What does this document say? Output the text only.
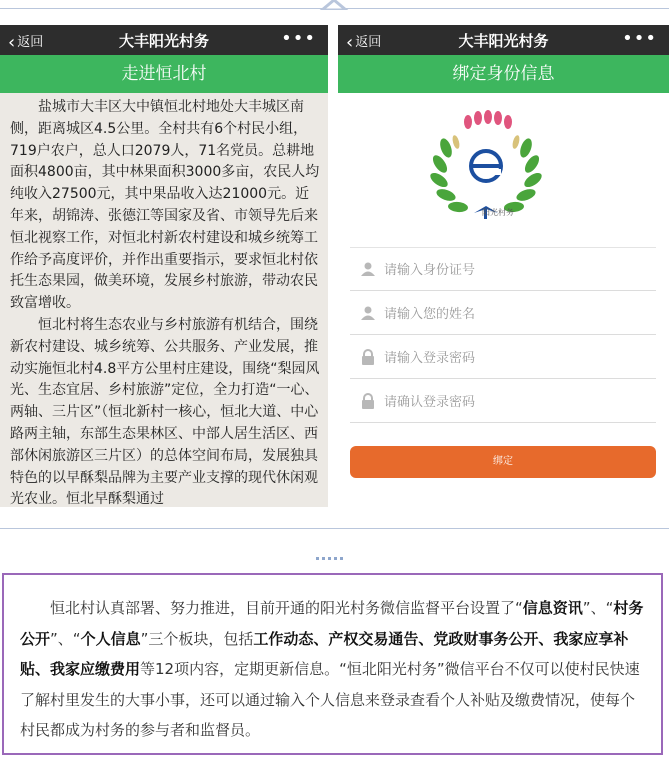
‹ 返回	大丰阳光村务	•••
走进恒北村

盐城市大丰区大中镇恒北村地处大丰城区南侧，距离城区4.5公里。全村共有6个村民小组，719户农户，总人口2079人，71名党员。总耕地面积4800亩，其中林果面积3000多亩，农民人均纯收入27500元，其中果品收入达21000元。近年来，胡锦涛、张德江等国家及省、市领导先后来恒北视察工作，对恒北村新农村建设和城乡统筹工作给予高度评价，并作出重要指示，要求恒北村依托生态果园，做美环境，发展乡村旅游，带动农民致富增收。

恒北村将生态农业与乡村旅游有机结合，围绕新农村建设、城乡统筹、公共服务、产业发展，推动实施恒北村4.8平方公里村庄建设，围绕“梨园风光、生态宜居、乡村旅游”定位，全力打造“一心、两轴、三片区”（恒北新村一核心，恒北大道、中心路两主轴，东部生态果林区、中部人居生活区、西部休闲旅游区三片区）的总体空间布局，发展独具特色的以早酥梨品牌为主要产业支撑的现代休闲观光农业。恒北早酥梨通过

‹ 返回	大丰阳光村务	•••
绑定身份信息
阳光村务
请输入身份证号
请输入您的姓名
绑定

恒北村认真部署、努力推进，目前开通的阳光村务微信监督平台设置了“信息资讯”、“村务公开”、“个人信息”三个板块，包括工作动态、产权交易通告、党政财事务公开、我家应享补贴、我家应缴费用等12项内容，定期更新信息。“恒北阳光村务”微信平台不仅可以使村民快速了解村里发生的大事小事，还可以通过输入个人信息来登录查看个人补贴及缴费情况，使每个村民都成为村务的参与者和监督员。
